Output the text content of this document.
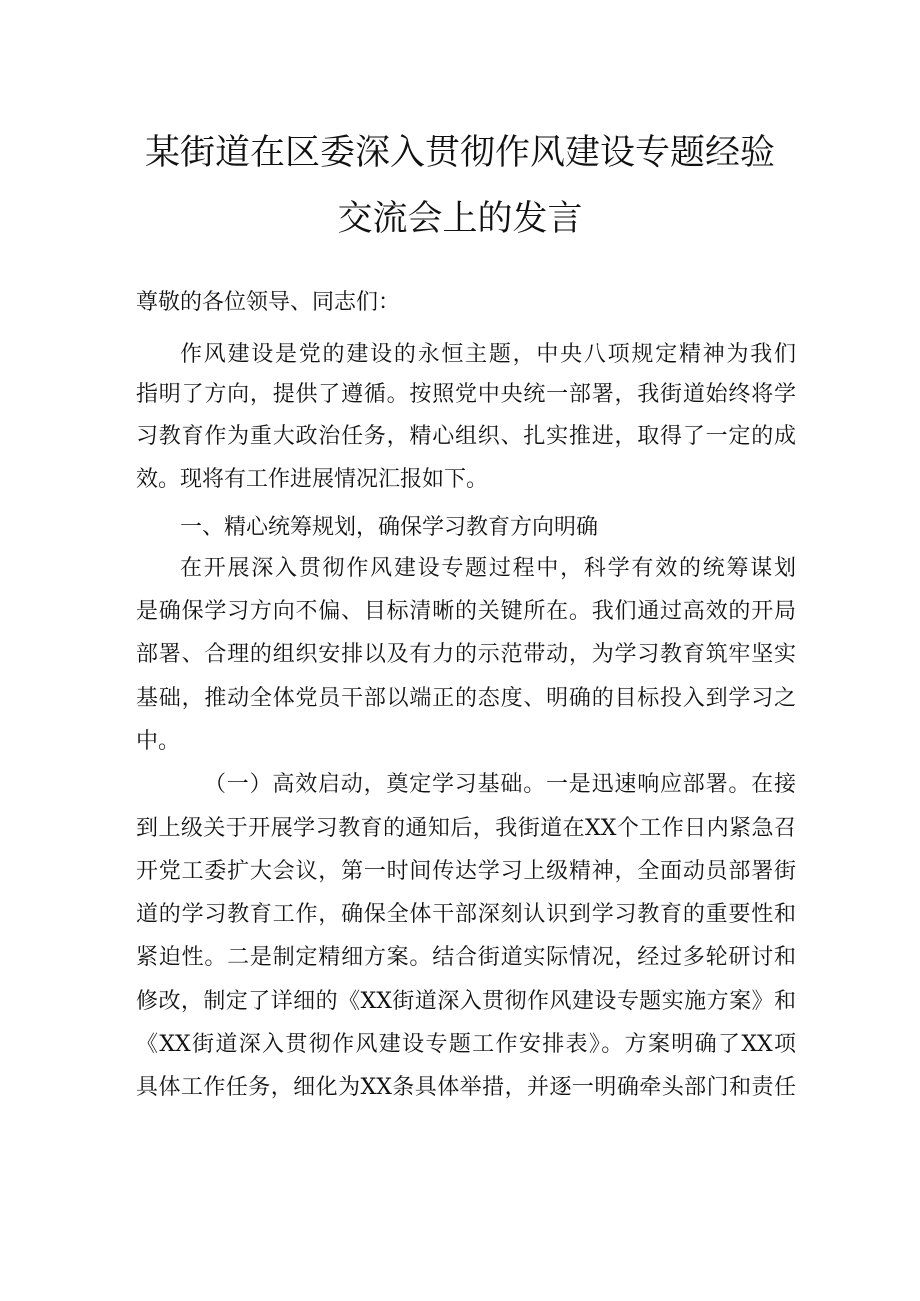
某街道在区委深入贯彻作风建设专题经验
交流会上的发言
尊敬的各位领导、同志们：
作风建设是党的建设的永恒主题，中央八项规定精神为我们
指明了方向，提供了遵循。按照党中央统一部署，我街道始终将学
习教育作为重大政治任务，精心组织、扎实推进，取得了一定的成
效。现将有工作进展情况汇报如下。
一、精心统筹规划，确保学习教育方向明确
在开展深入贯彻作风建设专题过程中，科学有效的统筹谋划
是确保学习方向不偏、目标清晰的关键所在。我们通过高效的开局
部署、合理的组织安排以及有力的示范带动，为学习教育筑牢坚实
基础，推动全体党员干部以端正的态度、明确的目标投入到学习之
中。
（一）高效启动，奠定学习基础。一是迅速响应部署。在接
到上级关于开展学习教育的通知后，我街道在XX个工作日内紧急召
开党工委扩大会议，第一时间传达学习上级精神，全面动员部署街
道的学习教育工作，确保全体干部深刻认识到学习教育的重要性和
紧迫性。二是制定精细方案。结合街道实际情况，经过多轮研讨和
修改，制定了详细的《XX街道深入贯彻作风建设专题实施方案》和
《XX街道深入贯彻作风建设专题工作安排表》。方案明确了XX项
具体工作任务，细化为XX条具体举措，并逐一明确牵头部门和责任
